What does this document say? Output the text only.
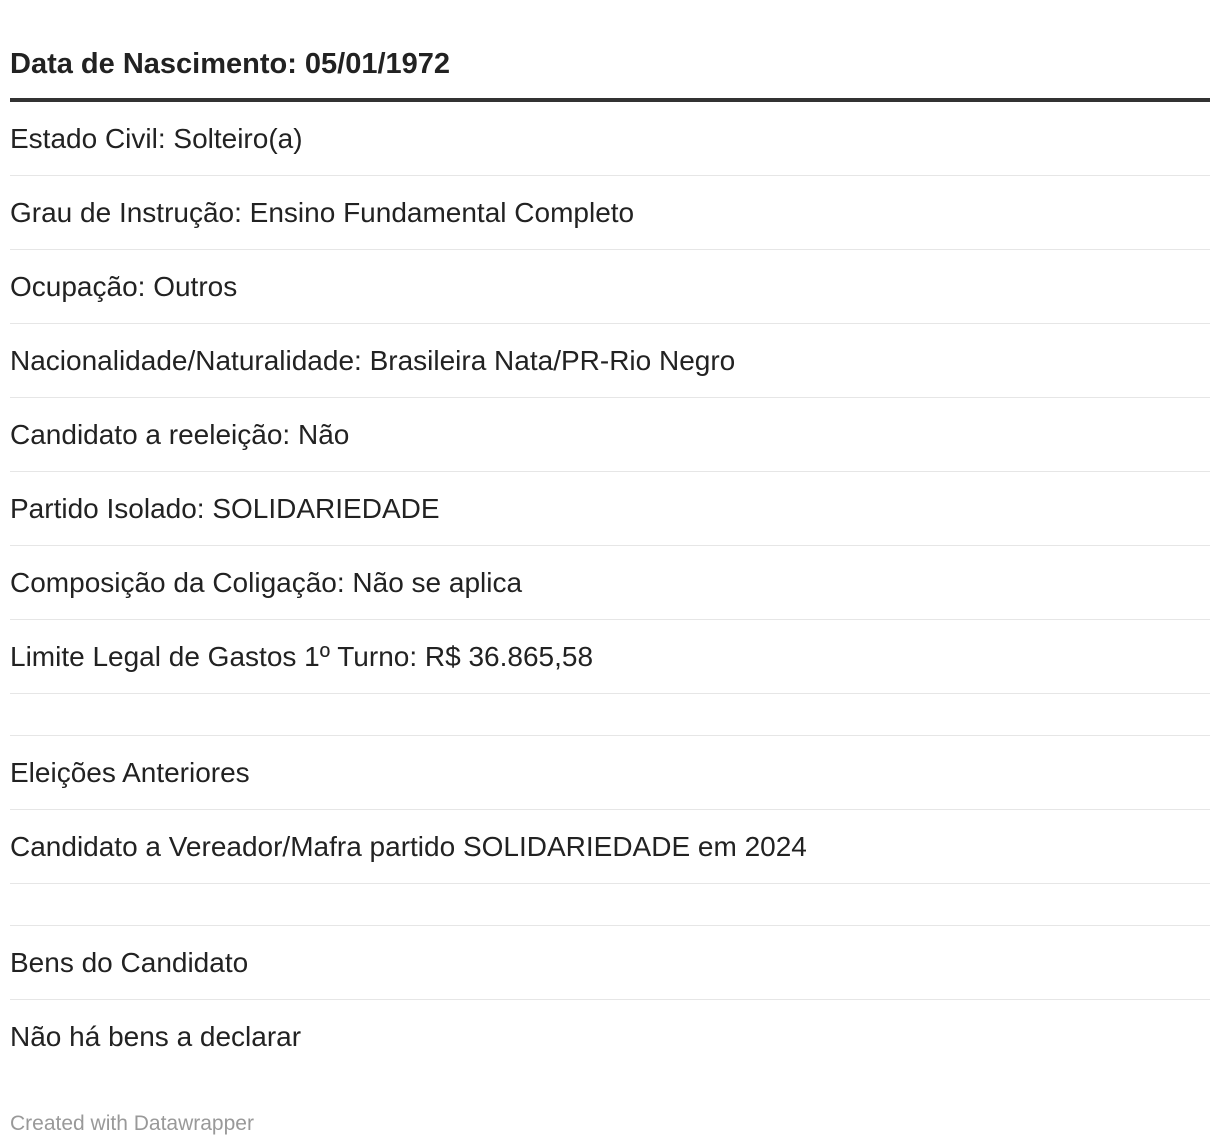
Data de Nascimento: 05/01/1972
Estado Civil: Solteiro(a)
Grau de Instrução: Ensino Fundamental Completo
Ocupação: Outros
Nacionalidade/Naturalidade: Brasileira Nata/PR-Rio Negro
Candidato a reeleição: Não
Partido Isolado: SOLIDARIEDADE
Composição da Coligação: Não se aplica
Limite Legal de Gastos 1º Turno: R$ 36.865,58
Eleições Anteriores
Candidato a Vereador/Mafra partido SOLIDARIEDADE em 2024
Bens do Candidato
Não há bens a declarar
Created with Datawrapper
